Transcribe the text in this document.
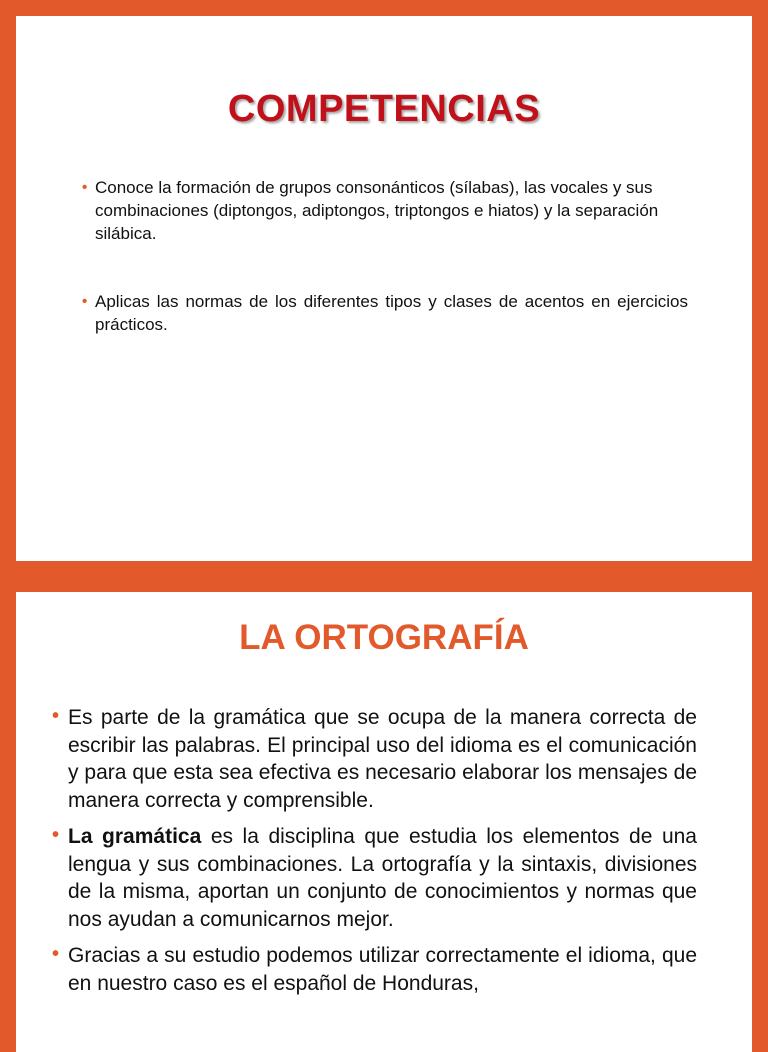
COMPETENCIAS
• Conoce la formación de grupos consonánticos (sílabas), las vocales y sus combinaciones (diptongos, adiptongos, triptongos e hiatos) y la separación silábica.
• Aplicas las normas de los diferentes tipos y clases de acentos en ejercicios prácticos.
LA ORTOGRAFÍA
• Es parte de la gramática que se ocupa de la manera correcta de escribir las palabras. El principal uso del idioma es el comunicación y para que esta sea efectiva es necesario elaborar los mensajes de manera correcta y comprensible.
• La gramática es la disciplina que estudia los elementos de una lengua y sus combinaciones. La ortografía y la sintaxis, divisiones de la misma, aportan un conjunto de conocimientos y normas que nos ayudan a comunicarnos mejor.
• Gracias a su estudio podemos utilizar correctamente el idioma, que en nuestro caso es el español de Honduras,
